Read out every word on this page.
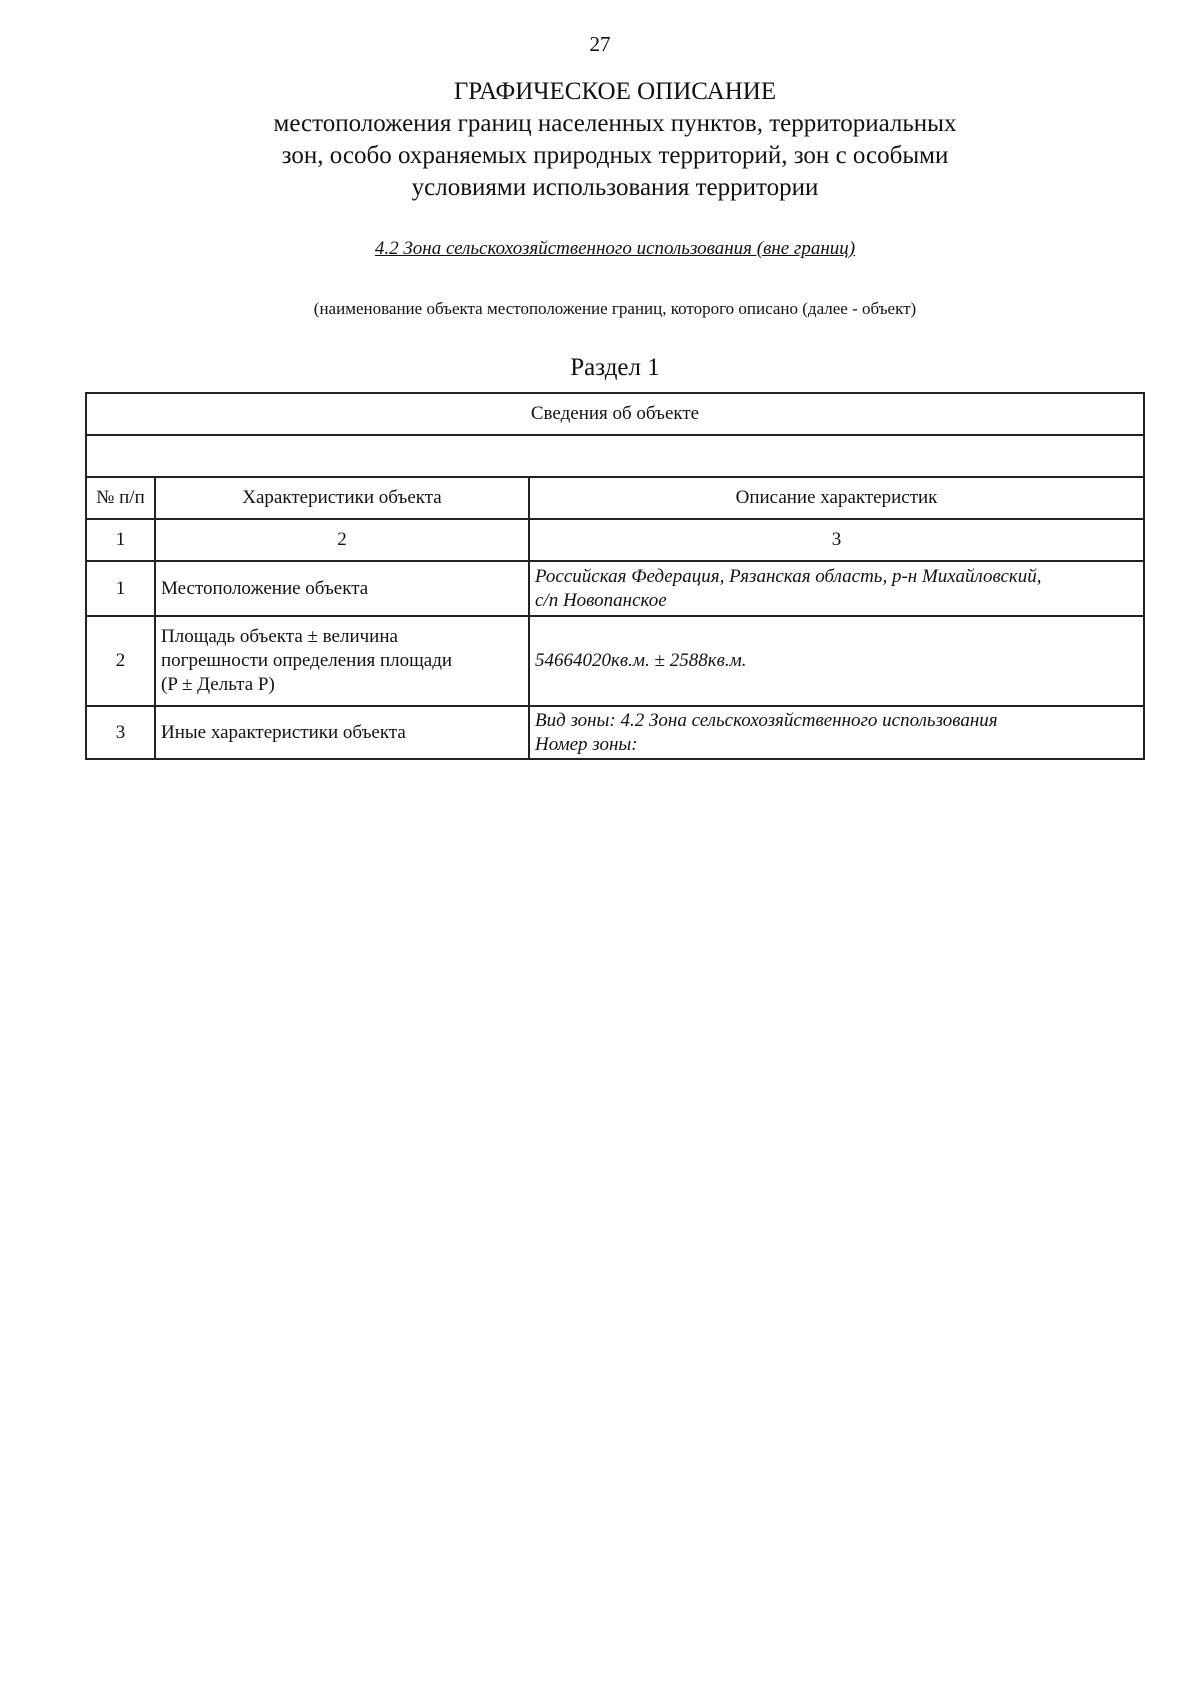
27
ГРАФИЧЕСКОЕ ОПИСАНИЕ
местоположения границ населенных пунктов, территориальных
зон, особо охраняемых природных территорий, зон с особыми
условиями использования территории
4.2 Зона сельскохозяйственного использования (вне границ)
(наименование объекта местоположение границ, которого описано (далее - объект)
Раздел 1
Сведения об объекте		

№ п/п	Характеристики объекта	Описание характеристик
1	2	3
1	Местоположение объекта	Российская Федерация, Рязанская область, р-н Михайловский,
с/п Новопанское

2	Площадь объекта ± величина
погрешности определения площади
(P ± Дельта P)	54664020кв.м. ± 2588кв.м.

3	Иные характеристики объекта	Вид зоны: 4.2 Зона сельскохозяйственного использования
Номер зоны:
